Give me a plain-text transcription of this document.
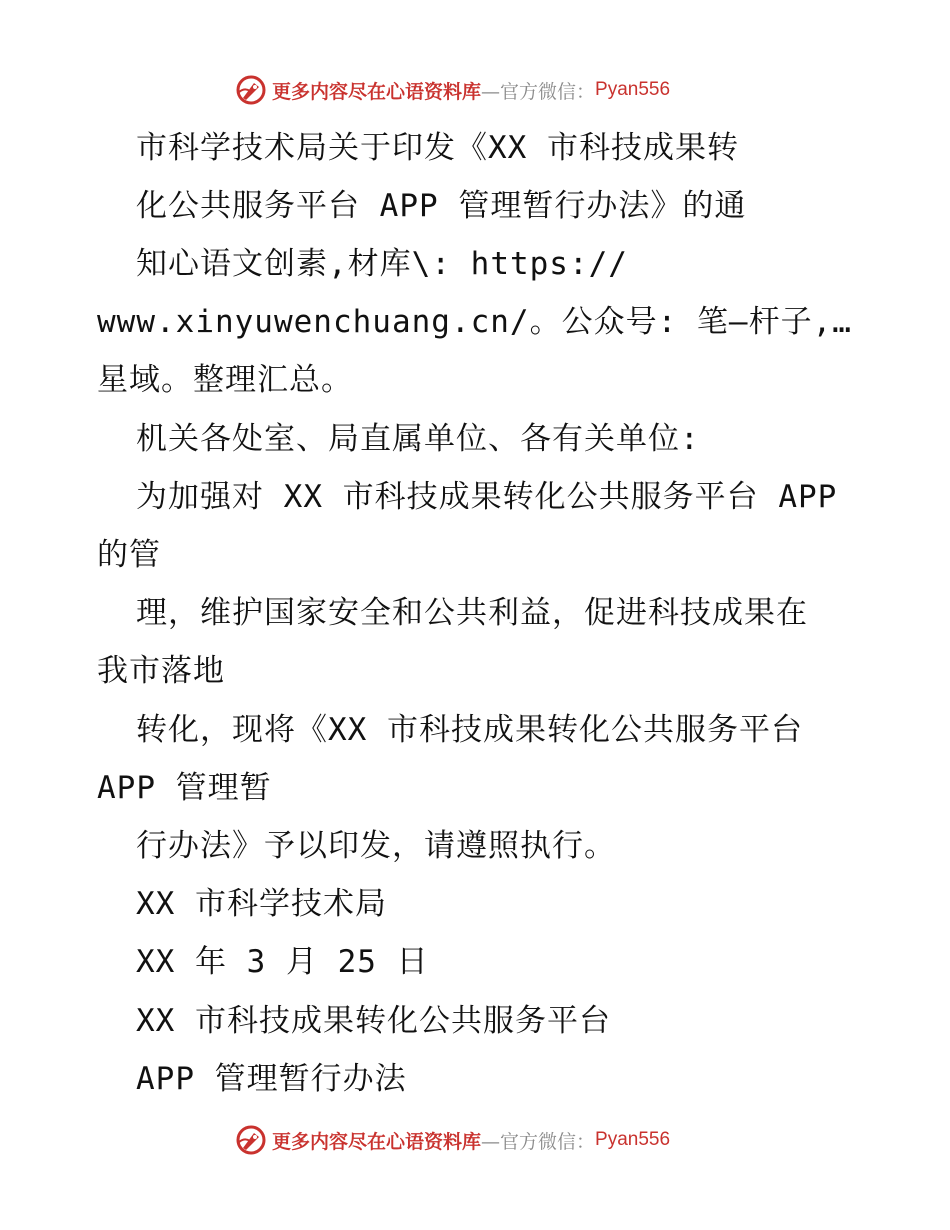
更多内容尽在心语资料库 —官方微信： Pyan556
市科学技术局关于印发《XX 市科技成果转
化公共服务平台 APP 管理暂行办法》的通
知心语文创素,材库\: https://
www.xinyuwenchuang.cn/。公众号: 笔—杆子,…
星域。整理汇总。
机关各处室、局直属单位、各有关单位:
为加强对 XX 市科技成果转化公共服务平台 APP
的管
理，维护国家安全和公共利益，促进科技成果在
我市落地
转化，现将《XX 市科技成果转化公共服务平台
APP 管理暂
行办法》予以印发，请遵照执行。
XX 市科学技术局
XX 年 3 月 25 日
XX 市科技成果转化公共服务平台
APP 管理暂行办法
更多内容尽在心语资料库 —官方微信： Pyan556
